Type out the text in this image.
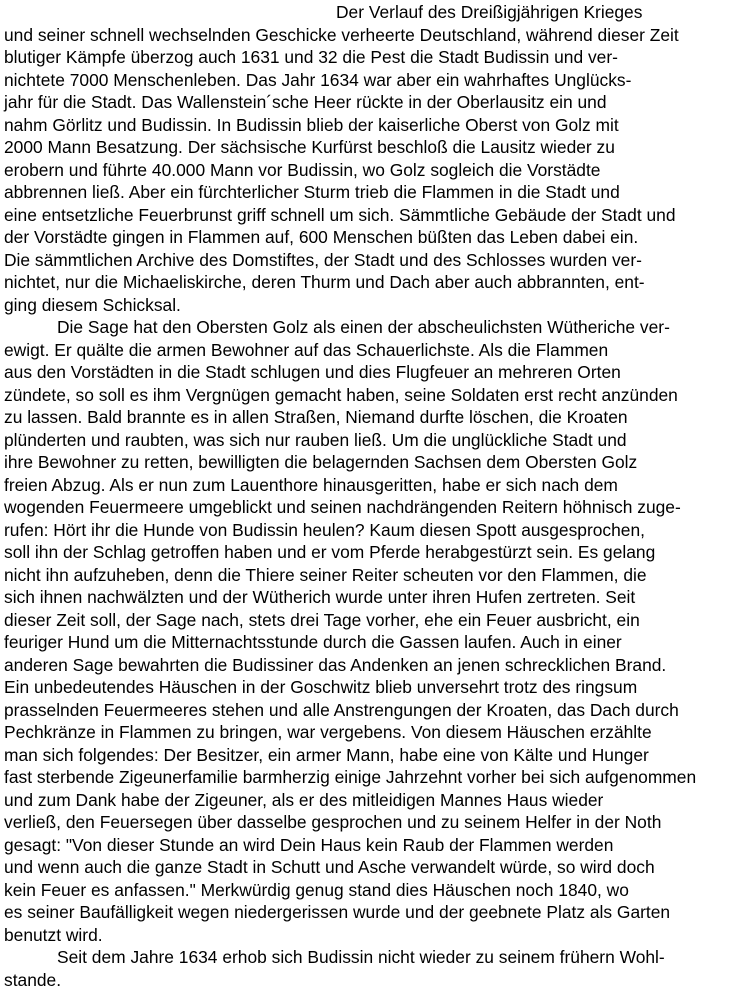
Der Verlauf des Dreißigjährigen Krieges
und seiner schnell wechselnden Geschicke verheerte Deutschland, während dieser Zeit
blutiger Kämpfe überzog auch 1631 und 32 die Pest die Stadt Budissin und ver-
nichtete 7000 Menschenleben. Das Jahr 1634 war aber ein wahrhaftes Unglücks-
jahr für die Stadt. Das Wallenstein´sche Heer rückte in der Oberlausitz ein und
nahm Görlitz und Budissin. In Budissin blieb der kaiserliche Oberst von Golz mit
2000 Mann Besatzung. Der sächsische Kurfürst beschloß die Lausitz wieder zu
erobern und führte 40.000 Mann vor Budissin, wo Golz sogleich die Vorstädte
abbrennen ließ. Aber ein fürchterlicher Sturm trieb die Flammen in die Stadt und
eine entsetzliche Feuerbrunst griff schnell um sich. Sämmtliche Gebäude der Stadt und
der Vorstädte gingen in Flammen auf, 600 Menschen büßten das Leben dabei ein.
Die sämmtlichen Archive des Domstiftes, der Stadt und des Schlosses wurden ver-
nichtet, nur die Michaeliskirche, deren Thurm und Dach aber auch abbrannten, ent-
ging diesem Schicksal.
Die Sage hat den Obersten Golz als einen der abscheulichsten Wütheriche ver-
ewigt. Er quälte die armen Bewohner auf das Schauerlichste. Als die Flammen
aus den Vorstädten in die Stadt schlugen und dies Flugfeuer an mehreren Orten
zündete, so soll es ihm Vergnügen gemacht haben, seine Soldaten erst recht anzünden
zu lassen. Bald brannte es in allen Straßen, Niemand durfte löschen, die Kroaten
plünderten und raubten, was sich nur rauben ließ. Um die unglückliche Stadt und
ihre Bewohner zu retten, bewilligten die belagernden Sachsen dem Obersten Golz
freien Abzug. Als er nun zum Lauenthore hinausgeritten, habe er sich nach dem
wogenden Feuermeere umgeblickt und seinen nachdrängenden Reitern höhnisch zuge-
rufen: Hört ihr die Hunde von Budissin heulen? Kaum diesen Spott ausgesprochen,
soll ihn der Schlag getroffen haben und er vom Pferde herabgestürzt sein. Es gelang
nicht ihn aufzuheben, denn die Thiere seiner Reiter scheuten vor den Flammen, die
sich ihnen nachwälzten und der Wütherich wurde unter ihren Hufen zertreten. Seit
dieser Zeit soll, der Sage nach, stets drei Tage vorher, ehe ein Feuer ausbricht, ein
feuriger Hund um die Mitternachtsstunde durch die Gassen laufen. Auch in einer
anderen Sage bewahrten die Budissiner das Andenken an jenen schrecklichen Brand.
Ein unbedeutendes Häuschen in der Goschwitz blieb unversehrt trotz des ringsum
prasselnden Feuermeeres stehen und alle Anstrengungen der Kroaten, das Dach durch
Pechkränze in Flammen zu bringen, war vergebens. Von diesem Häuschen erzählte
man sich folgendes: Der Besitzer, ein armer Mann, habe eine von Kälte und Hunger
fast sterbende Zigeunerfamilie barmherzig einige Jahrzehnt vorher bei sich aufgenommen
und zum Dank habe der Zigeuner, als er des mitleidigen Mannes Haus wieder
verließ, den Feuersegen über dasselbe gesprochen und zu seinem Helfer in der Noth
gesagt: "Von dieser Stunde an wird Dein Haus kein Raub der Flammen werden
und wenn auch die ganze Stadt in Schutt und Asche verwandelt würde, so wird doch
kein Feuer es anfassen." Merkwürdig genug stand dies Häuschen noch 1840, wo
es seiner Baufälligkeit wegen niedergerissen wurde und der geebnete Platz als Garten
benutzt wird.
Seit dem Jahre 1634 erhob sich Budissin nicht wieder zu seinem frühern Wohl-
stande.
